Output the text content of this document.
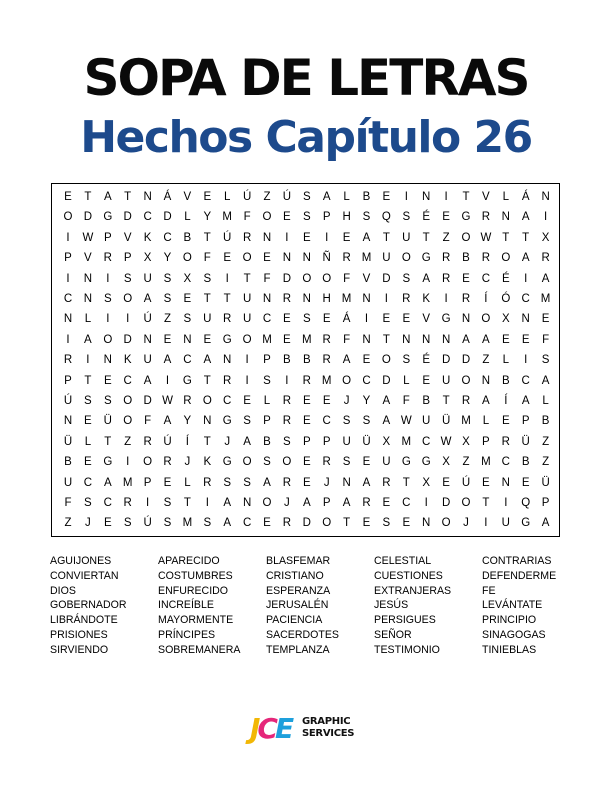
SOPA DE LETRAS
Hechos Capítulo 26
E	T	A	T	N	Á	V	E	L	Ú	Z	Ú	S	A	L	B	E	I	N	I	T	V	L	Á	N
O D G D	C	D	L	Y M	F	O	E	S	P	H	S	Q	S	É	E	G R	N	A	I
I	W P	V	K	C	B	T	Ú	R	N	I	E	I	E	A	T	U	T	Z	O W T	T	X
P	V	R	P	X	Y	O	F	E	O	E	N	N	Ñ	R M U O G R	B	R O	A	R
I	N	I	S	U	S	X	S	I	T	F	D O O	F	V	D	S	A	R	E	C	É	I	A
C	N	S	O	A	S	E	T	T	U	N	R	N	H M N	I	R	K	I	R	Í	Ó C M
N	L	I	I	Ú	Z	S	U	R	U	C	E	S	E	Á	I	E	E	V	G N O	X	N	E
I	A	O D	N	E	N	E	G O M E M R	F	N	T	N	N	N	A	A	E	E	F
R	I	N	K	U	A	C	A	N	I	P	B	B	R	A	E	O	S	É	D	D	Z	L	I	S
P	T	E	C	A	I	G	T	R	I	S	I	R M O C	D	L	E	U O N	B	C	A
Ú	S	S	O D W R O C	E	L	R	E	E	J	Y	A	F	B	T	R	A	Í	A	L
N	E	Ü O	F	A	Y	N G	S	P	R	E	C	S	S	A W U	Ü M	L	E	P	B
Ü	L	T	Z	R	Ú	Í	T	J	A	B	S	P	P	U	Ü	X M C W X	P	R	Ü	Z
B	E	G	I	O R	J	K	G O	S	O	E	R	S	E	U G G	X	Z	M C	B	Z
U	C	A M P	E	L	R	S	S	A	R	E	J	N	A	R	T	X	E	Ú	E	N	E	Ü
F	S	C	R	I	S	T	I	A	N O	J	A	P	A	R	E	C	I	D O	T	I	Q	P
Z	J	E	S	Ú	S M S	A	C	E	R	D O	T	E	S	E	N O	J	I	U G	A
AGUIJONES
CONVIERTAN
DIOS
GOBERNADOR
LIBRÁNDOTE
PRISIONES
SIRVIENDO
APARECIDO
COSTUMBRES
ENFURECIDO
INCREÍBLE
MAYORMENTE
PRÍNCIPES
SOBREMANERA
BLASFEMAR
CRISTIANO
ESPERANZA
JERUSALÉN
PACIENCIA
SACERDOTES
TEMPLANZA
CELESTIAL
CUESTIONES
EXTRANJERAS
JESÚS
PERSIGUES
SEÑOR
TESTIMONIO
CONTRARIAS
DEFENDERME
FE
LEVÁNTATE
PRINCIPIO
SINAGOGAS
TINIEBLAS
JCE GRAPHIC
SERVICES
